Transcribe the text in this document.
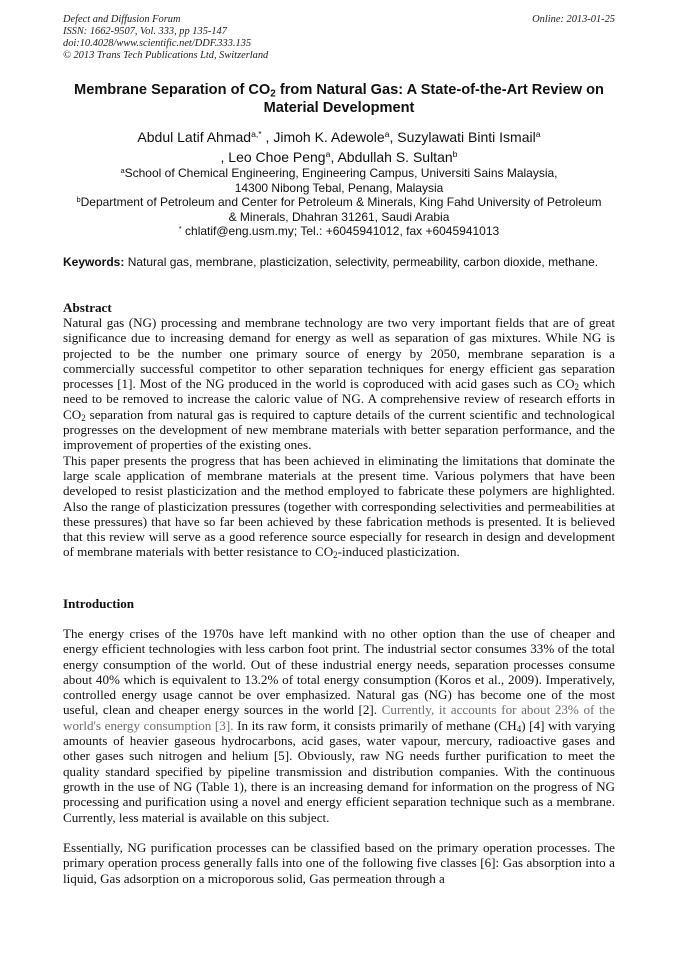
Defect and Diffusion Forum
ISSN: 1662-9507, Vol. 333, pp 135-147
doi:10.4028/www.scientific.net/DDF.333.135
© 2013 Trans Tech Publications Ltd, Switzerland
Online: 2013-01-25
Membrane Separation of $CO_2$ from Natural Gas: A State-of-the-Art Review on Material Development
Abdul Latif Ahmad$^{a,*}$ , Jimoh K. Adewole$^a$, Suzylawati Binti Ismail$^a$
, Leo Choe Peng$^a$, Abdullah S. Sultan$^b$
$^a$School of Chemical Engineering, Engineering Campus, Universiti Sains Malaysia,
14300 Nibong Tebal, Penang, Malaysia
$^b$Department of Petroleum and Center for Petroleum & Minerals, King Fahd University of Petroleum
& Minerals, Dhahran 31261, Saudi Arabia
* chlatif@eng.usm.my; Tel.: +6045941012, fax +6045941013
Keywords: Natural gas, membrane, plasticization, selectivity, permeability, carbon dioxide, methane.
Abstract

Natural gas (NG) processing and membrane technology are two very important fields that are of great significance due to increasing demand for energy as well as separation of gas mixtures. While NG is projected to be the number one primary source of energy by 2050, membrane separation is a commercially successful competitor to other separation techniques for energy efficient gas separation processes [1]. Most of the NG produced in the world is coproduced with acid gases such as $CO_2$ which need to be removed to increase the caloric value of NG. A comprehensive review of research efforts in $CO_2$ separation from natural gas is required to capture details of the current scientific and technological progresses on the development of new membrane materials with better separation performance, and the improvement of properties of the existing ones.

This paper presents the progress that has been achieved in eliminating the limitations that dominate the large scale application of membrane materials at the present time. Various polymers that have been developed to resist plasticization and the method employed to fabricate these polymers are highlighted. Also the range of plasticization pressures (together with corresponding selectivities and permeabilities at these pressures) that have so far been achieved by these fabrication methods is presented. It is believed that this review will serve as a good reference source especially for research in design and development of membrane materials with better resistance to $CO_2$-induced plasticization.

Introduction

The energy crises of the 1970s have left mankind with no other option than the use of cheaper and energy efficient technologies with less carbon foot print. The industrial sector consumes 33% of the total energy consumption of the world. Out of these industrial energy needs, separation processes consume about 40% which is equivalent to 13.2% of total energy consumption (Koros et al., 2009). Imperatively, controlled energy usage cannot be over emphasized. Natural gas (NG) has become one of the most useful, clean and cheaper energy sources in the world [2]. Currently, it accounts for about 23% of the world's energy consumption [3]. In its raw form, it consists primarily of methane $(CH_4)$ [4] with varying amounts of heavier gaseous hydrocarbons, acid gases, water vapour, mercury, radioactive gases and other gases such nitrogen and helium [5]. Obviously, raw NG needs further purification to meet the quality standard specified by pipeline transmission and distribution companies. With the continuous growth in the use of NG (Table 1), there is an increasing demand for information on the progress of NG processing and purification using a novel and energy efficient separation technique such as a membrane. Currently, less material is available on this subject.

Essentially, NG purification processes can be classified based on the primary operation processes. The primary operation process generally falls into one of the following five classes [6]: Gas absorption into a liquid, Gas adsorption on a microporous solid, Gas permeation through a
